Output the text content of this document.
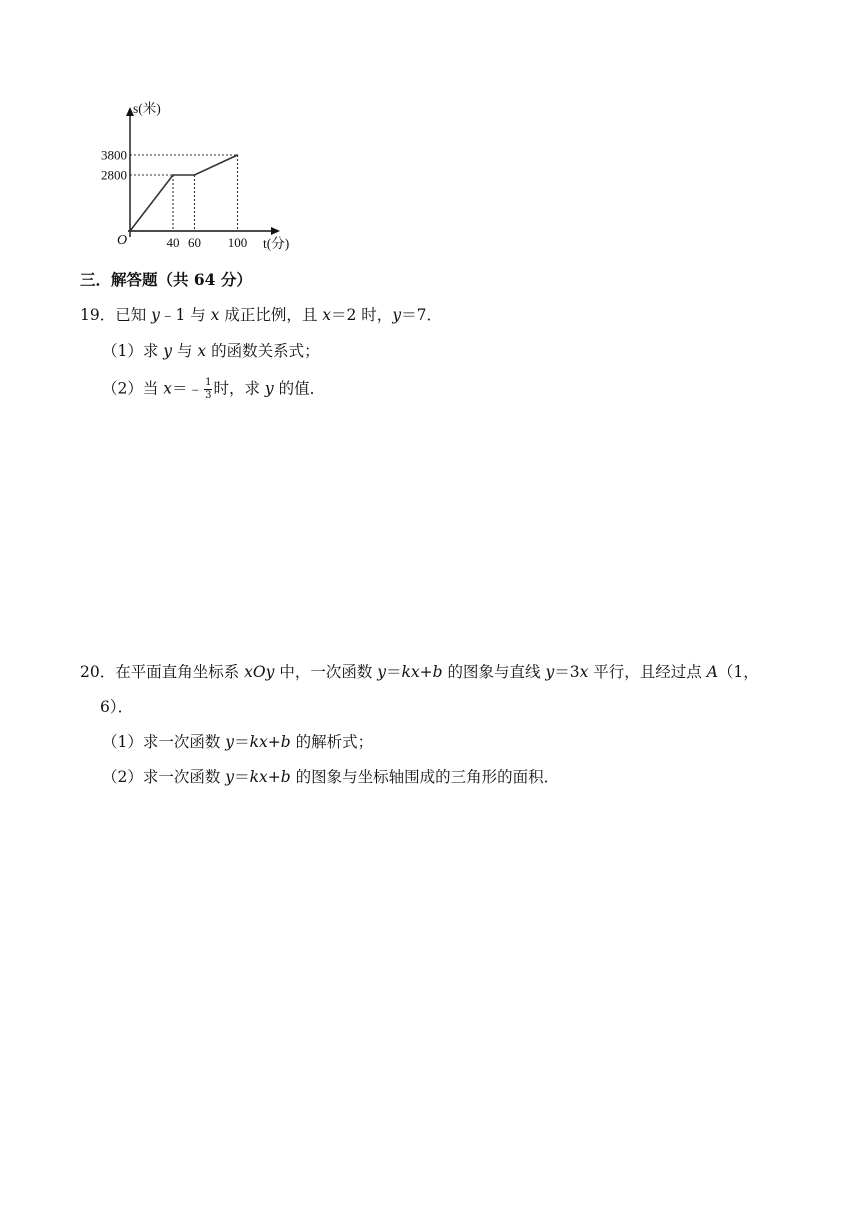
3800
2800
40 60 100
O
s(米)
t(分)
三．解答题（共 64 分）
19．已知 y﹣1 与 x 成正比例，且 x＝2 时，y＝7．
（1）求 y 与 x 的函数关系式；
（2）当 x＝﹣ $\frac{1}{3}$ 时，求 y 的值．
20．在平面直角坐标系 xOy 中，一次函数 y＝kx+b 的图象与直线 y＝3x 平行，且经过点 A（1，
6）．
（1）求一次函数 y＝kx+b 的解析式；
（2）求一次函数 y＝kx+b 的图象与坐标轴围成的三角形的面积．
